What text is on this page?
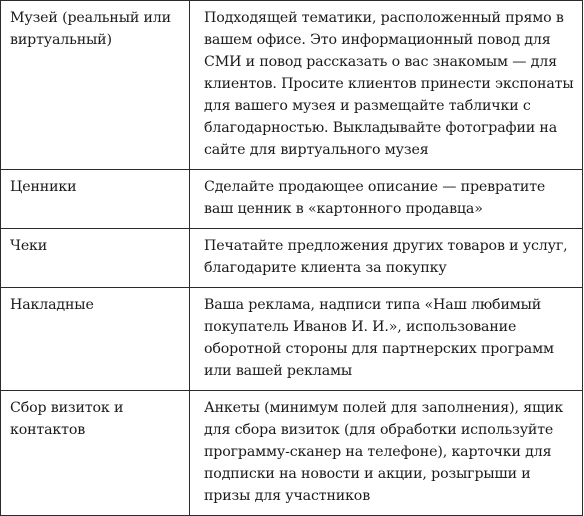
Музей (реальный или виртуальный)	Подходящей тематики, расположенный прямо в вашем офисе. Это информационный повод для СМИ и повод рассказать о вас знакомым — для клиентов. Просите клиентов принести экспонаты для вашего музея и размещайте таблички с благодарностью. Выкладывайте фотографии на сайте для виртуального музея

Ценники	Сделайте продающее описание — превратите ваш ценник в «картонного продавца»

Чеки	Печатайте предложения других товаров и услуг, благодарите клиента за покупку

Накладные	Ваша реклама, надписи типа «Наш любимый покупатель Иванов И. И.», использование оборотной стороны для партнерских программ или вашей рекламы

Сбор визиток и контактов	Анкеты (минимум полей для заполнения), ящик для сбора визиток (для обработки используйте программу-сканер на телефоне), карточки для подписки на новости и акции, розыгрыши и призы для участников
